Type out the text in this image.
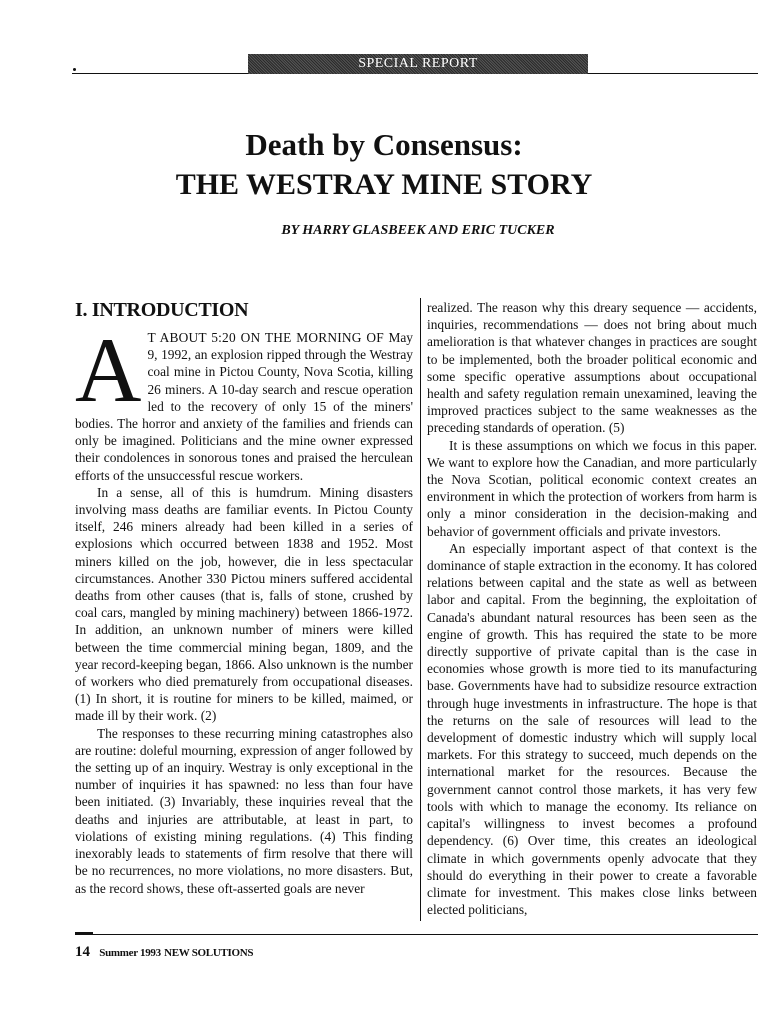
SPECIAL REPORT
Death by Consensus:
THE WESTRAY MINE STORY
BY HARRY GLASBEEK AND ERIC TUCKER
I. INTRODUCTION

A T ABOUT 5:20 ON THE MORNING OF May 9, 1992, an explosion ripped through the Westray coal mine in Pictou County, Nova Scotia, killing 26 miners. A 10-day search and rescue operation led to the recovery of only 15 of the miners' bodies. The horror and anxiety of the families and friends can only be imagined. Politicians and the mine owner expressed their condolences in sonorous tones and praised the herculean efforts of the unsuccessful rescue workers.

In a sense, all of this is humdrum. Mining disasters involving mass deaths are familiar events. In Pictou County itself, 246 miners already had been killed in a series of explosions which occurred between 1838 and 1952. Most miners killed on the job, however, die in less spectacular circumstances. Another 330 Pictou miners suffered accidental deaths from other causes (that is, falls of stone, crushed by coal cars, mangled by mining machinery) between 1866-1972. In addition, an unknown number of miners were killed between the time commercial mining began, 1809, and the year record-keeping began, 1866. Also unknown is the number of workers who died prematurely from occupational diseases.(1) In short, it is routine for miners to be killed, maimed, or made ill by their work. (2)

The responses to these recurring mining catastrophes also are routine: doleful mourning, expression of anger followed by the setting up of an inquiry. Westray is only exceptional in the number of inquiries it has spawned: no less than four have been initiated. (3) Invariably, these inquiries reveal that the deaths and injuries are attributable, at least in part, to violations of existing mining regulations. (4) This finding inexorably leads to statements of firm resolve that there will be no recurrences, no more violations, no more disasters. But, as the record shows, these oft-asserted goals are never

realized. The reason why this dreary sequence — accidents, inquiries, recommendations — does not bring about much amelioration is that whatever changes in practices are sought to be implemented, both the broader political economic and some specific operative assumptions about occupational health and safety regulation remain unexamined, leaving the improved practices subject to the same weaknesses as the preceding standards of operation. (5)

It is these assumptions on which we focus in this paper. We want to explore how the Canadian, and more particularly the Nova Scotian, political economic context creates an environment in which the protection of workers from harm is only a minor consideration in the decision-making and behavior of government officials and private investors.

An especially important aspect of that context is the dominance of staple extraction in the economy. It has colored relations between capital and the state as well as between labor and capital. From the beginning, the exploitation of Canada's abundant natural resources has been seen as the engine of growth. This has required the state to be more directly supportive of private capital than is the case in economies whose growth is more tied to its manufacturing base. Governments have had to subsidize resource extraction through huge investments in infrastructure. The hope is that the returns on the sale of resources will lead to the development of domestic industry which will supply local markets. For this strategy to succeed, much depends on the international market for the resources. Because the government cannot control those markets, it has very few tools with which to manage the economy. Its reliance on capital's willingness to invest becomes a profound dependency. (6) Over time, this creates an ideological climate in which governments openly advocate that they should do everything in their power to create a favorable climate for investment. This makes close links between elected politicians,

14 Summer 1993 NEW SOLUTIONS
